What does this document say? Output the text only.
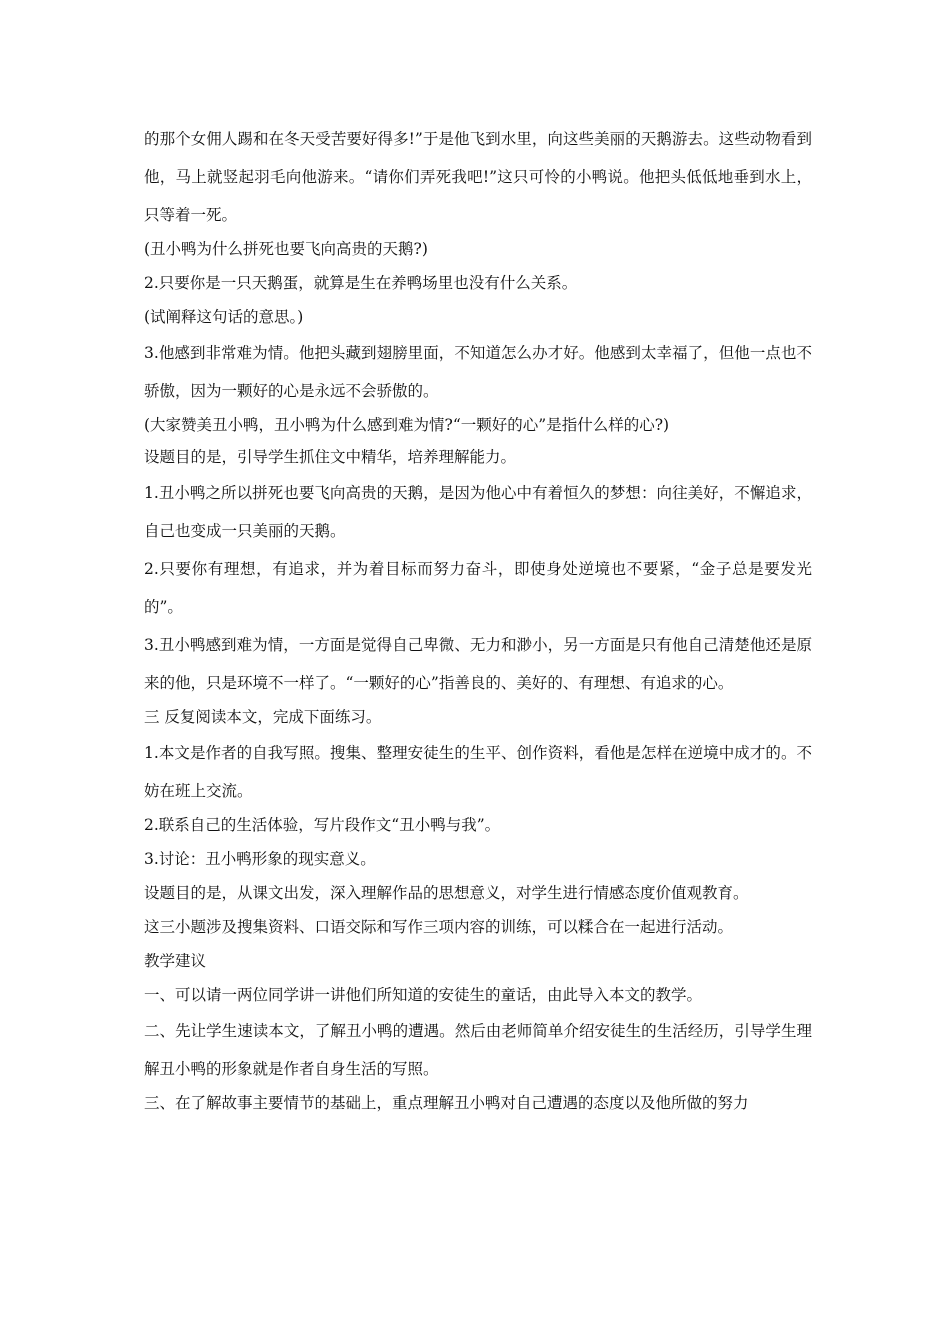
的那个女佣人踢和在冬天受苦要好得多!”于是他飞到水里，向这些美丽的天鹅游去。这些动物看到他，马上就竖起羽毛向他游来。“请你们弄死我吧!”这只可怜的小鸭说。他把头低低地垂到水上，只等着一死。

(丑小鸭为什么拼死也要飞向高贵的天鹅?)

2.只要你是一只天鹅蛋，就算是生在养鸭场里也没有什么关系。

(试阐释这句话的意思。)

3.他感到非常难为情。他把头藏到翅膀里面，不知道怎么办才好。他感到太幸福了，但他一点也不骄傲，因为一颗好的心是永远不会骄傲的。

(大家赞美丑小鸭，丑小鸭为什么感到难为情?“一颗好的心”是指什么样的心?)

设题目的是，引导学生抓住文中精华，培养理解能力。

1.丑小鸭之所以拼死也要飞向高贵的天鹅，是因为他心中有着恒久的梦想：向往美好，不懈追求，自己也变成一只美丽的天鹅。

2.只要你有理想，有追求，并为着目标而努力奋斗，即使身处逆境也不要紧，“金子总是要发光的”。

3.丑小鸭感到难为情，一方面是觉得自己卑微、无力和渺小，另一方面是只有他自己清楚他还是原来的他，只是环境不一样了。“一颗好的心”指善良的、美好的、有理想、有追求的心。

三 反复阅读本文，完成下面练习。

1.本文是作者的自我写照。搜集、整理安徒生的生平、创作资料，看他是怎样在逆境中成才的。不妨在班上交流。

2.联系自己的生活体验，写片段作文“丑小鸭与我”。

3.讨论：丑小鸭形象的现实意义。

设题目的是，从课文出发，深入理解作品的思想意义，对学生进行情感态度价值观教育。

这三小题涉及搜集资料、口语交际和写作三项内容的训练，可以糅合在一起进行活动。

教学建议

一、可以请一两位同学讲一讲他们所知道的安徒生的童话，由此导入本文的教学。

二、先让学生速读本文，了解丑小鸭的遭遇。然后由老师简单介绍安徒生的生活经历，引导学生理解丑小鸭的形象就是作者自身生活的写照。

三、在了解故事主要情节的基础上，重点理解丑小鸭对自己遭遇的态度以及他所做的努力
